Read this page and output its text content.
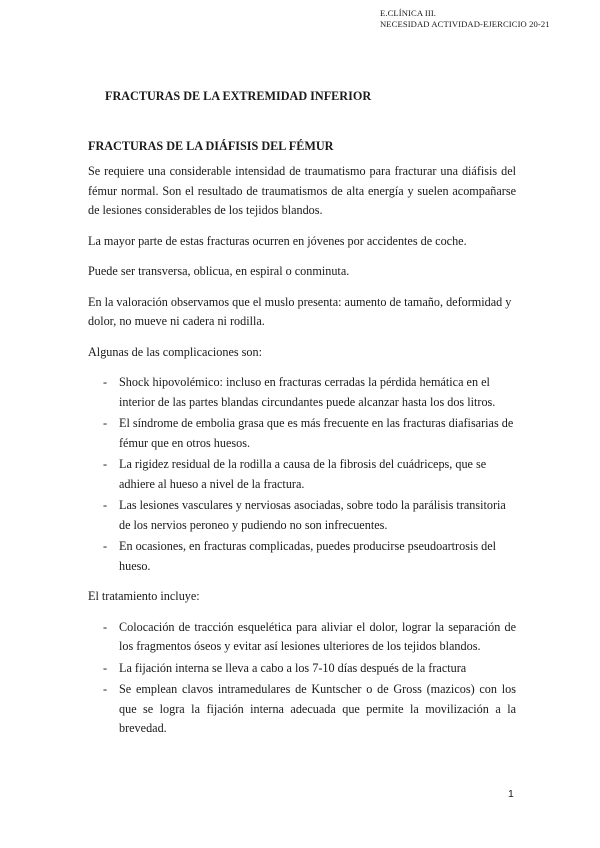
E.CLÍNICA III.
NECESIDAD ACTIVIDAD-EJERCICIO 20-21
FRACTURAS DE LA EXTREMIDAD INFERIOR
FRACTURAS DE LA DIÁFISIS DEL FÉMUR

Se requiere una considerable intensidad de traumatismo para fracturar una diáfisis del fémur normal. Son el resultado de traumatismos de alta energía y suelen acompañarse de lesiones considerables de los tejidos blandos.

La mayor parte de estas fracturas ocurren en jóvenes por accidentes de coche.

Puede ser transversa, oblicua, en espiral o conminuta.

En la valoración observamos que el muslo presenta: aumento de tamaño, deformidad y dolor, no mueve ni cadera ni rodilla.

Algunas de las complicaciones son:

- Shock hipovolémico: incluso en fracturas cerradas la pérdida hemática en el interior de las partes blandas circundantes puede alcanzar hasta los dos litros.
- El síndrome de embolia grasa que es más frecuente en las fracturas diafisarias de fémur que en otros huesos.
- La rigidez residual de la rodilla a causa de la fibrosis del cuádriceps, que se adhiere al hueso a nivel de la fractura.
- Las lesiones vasculares y nerviosas asociadas, sobre todo la parálisis transitoria de los nervios peroneo y pudiendo no son infrecuentes.
- En ocasiones, en fracturas complicadas, puedes producirse pseudoartrosis del hueso.

El tratamiento incluye:

- Colocación de tracción esquelética para aliviar el dolor, lograr la separación de los fragmentos óseos y evitar así lesiones ulteriores de los tejidos blandos.
- La fijación interna se lleva a cabo a los 7-10 días después de la fractura
- Se emplean clavos intramedulares de Kuntscher o de Gross (mazicos) con los que se logra la fijación interna adecuada que permite la movilización a la brevedad.
1
